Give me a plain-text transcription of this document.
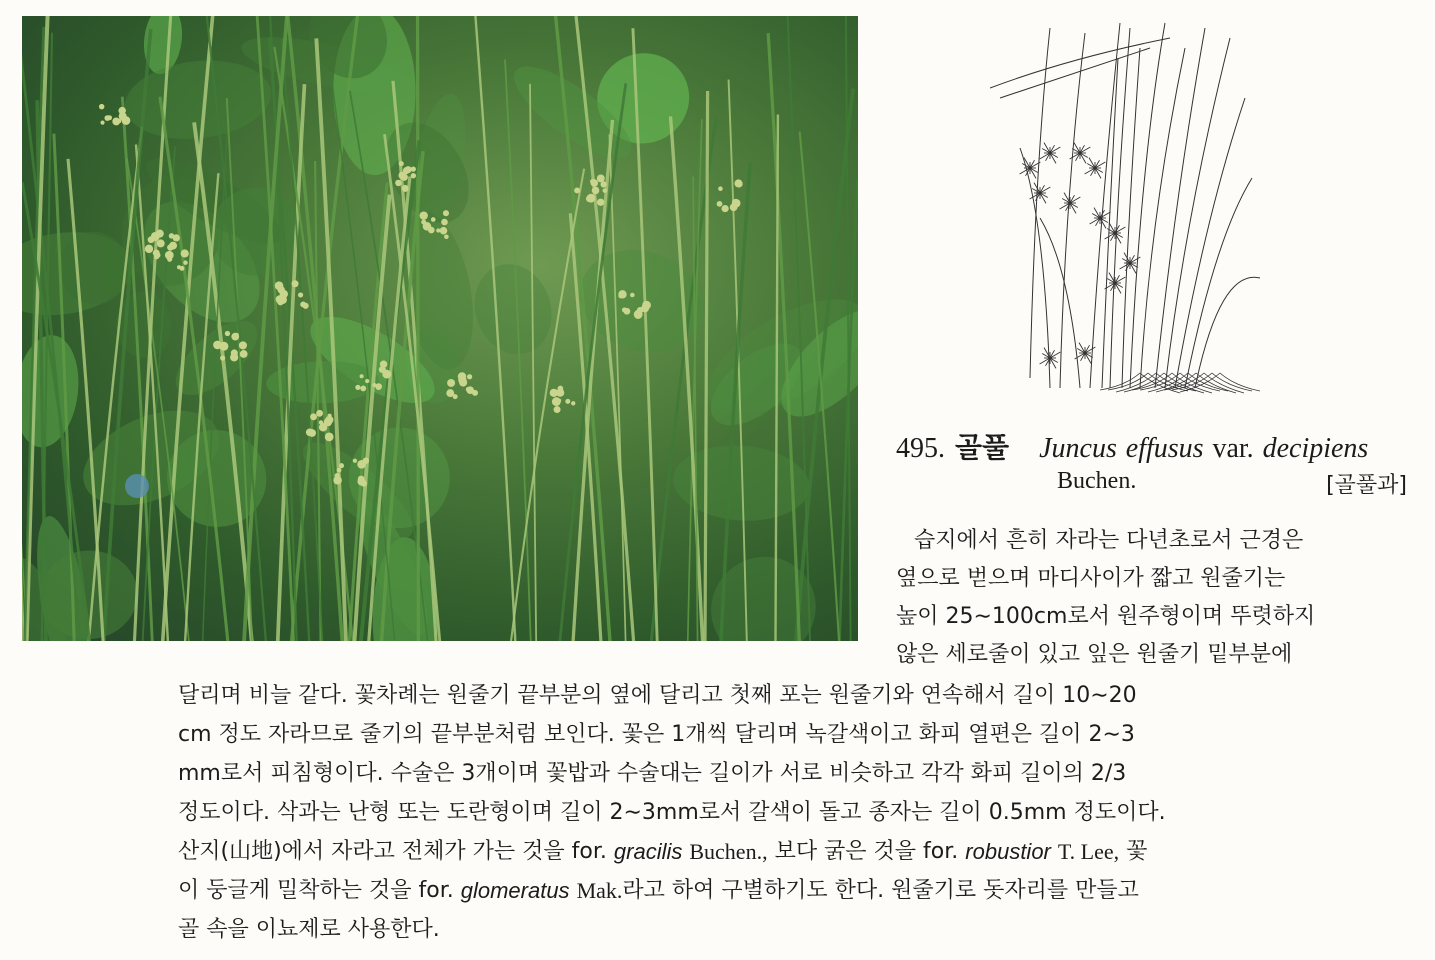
495. 골풀 Juncus effusus var. decipiens
Buchen.	[골풀과]
습지에서 흔히 자라는 다년초로서 근경은
옆으로 벋으며 마디사이가 짧고 원줄기는
높이 25∼100cm로서 원주형이며 뚜렷하지
않은 세로줄이 있고 잎은 원줄기 밑부분에
달리며 비늘 같다. 꽃차례는 원줄기 끝부분의 옆에 달리고 첫째 포는 원줄기와 연속해서 길이 10∼20
cm 정도 자라므로 줄기의 끝부분처럼 보인다. 꽃은 1개씩 달리며 녹갈색이고 화피 열편은 길이 2∼3
mm로서 피침형이다. 수술은 3개이며 꽃밥과 수술대는 길이가 서로 비슷하고 각각 화피 길이의 2/3
정도이다. 삭과는 난형 또는 도란형이며 길이 2∼3mm로서 갈색이 돌고 종자는 길이 0.5mm 정도이다.
산지(山地)에서 자라고 전체가 가는 것을 for.
gracilis
Buchen.,
보다 굵은 것을 for.
robustior
T. Lee,
꽃
이 둥글게 밀착하는 것을 for.
glomeratus
Mak. 라고 하여 구별하기도 한다. 원줄기로 돗자리를 만들고
골 속을 이뇨제로 사용한다.
